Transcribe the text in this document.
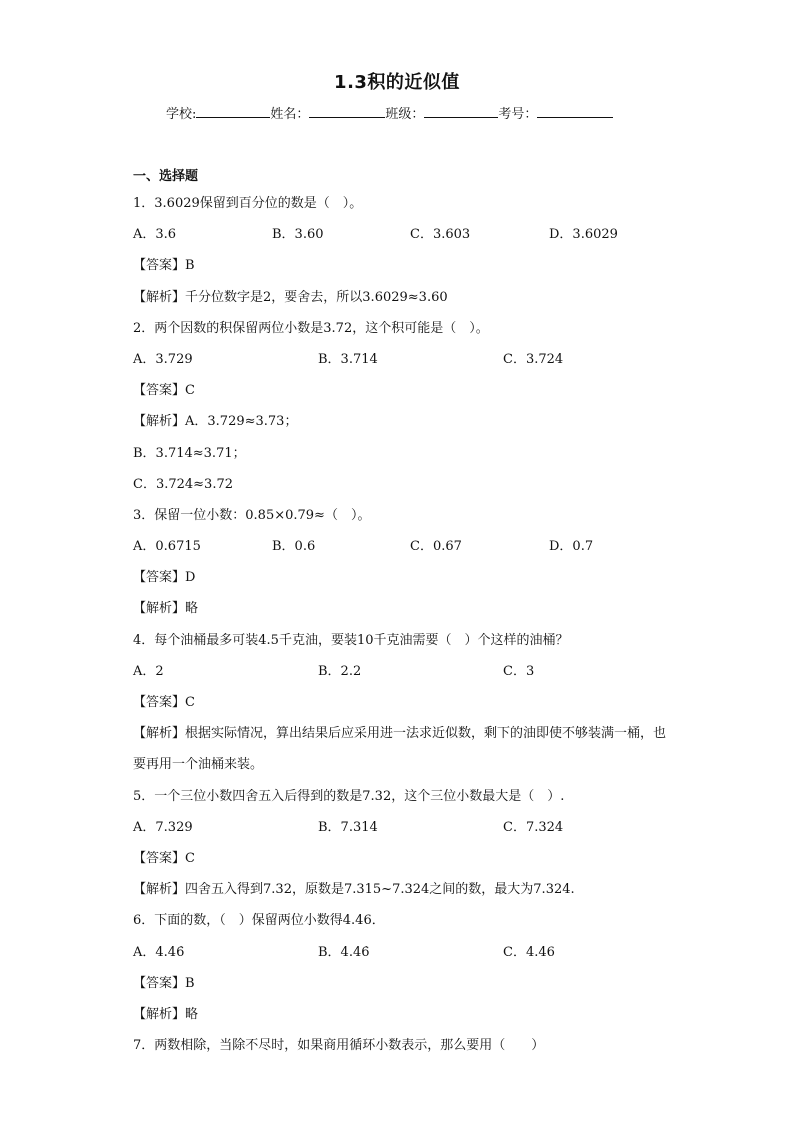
1.3积的近似值
学校:	姓名：	班级：	考号：
一、选择题
1．3.6029保留到百分位的数是（　）。
A．3.6	B．3.60	C．3.603	D．3.6029
【答案】B
【解析】千分位数字是2，要舍去，所以3.6029≈3.60
2．两个因数的积保留两位小数是3.72，这个积可能是（　）。
A．3.729	B．3.714	C．3.724
【答案】C
【解析】A．3.729≈3.73；
B．3.714≈3.71；
C．3.724≈3.72
3．保留一位小数：0.85×0.79≈（　）。
A．0.6715	B．0.6	C．0.67	D．0.7
【答案】D
【解析】略
4．每个油桶最多可装4.5千克油，要装10千克油需要（　）个这样的油桶？
A．2	B．2.2	C．3
【答案】C
【解析】根据实际情况，算出结果后应采用进一法求近似数，剩下的油即使不够装满一桶，也要再用一个油桶来装。
5．一个三位小数四舍五入后得到的数是7.32，这个三位小数最大是（　）.
A．7.329	B．7.314	C．7.324
【答案】C
【解析】四舍五入得到7.32，原数是7.315~7.324之间的数，最大为7.324.
6．下面的数，（　）保留两位小数得4.46．
A．4.4̇6̇	B．4.46̇	C．4.4̇6
【答案】B
【解析】略
7．两数相除，当除不尽时，如果商用循环小数表示，那么要用（　　）
